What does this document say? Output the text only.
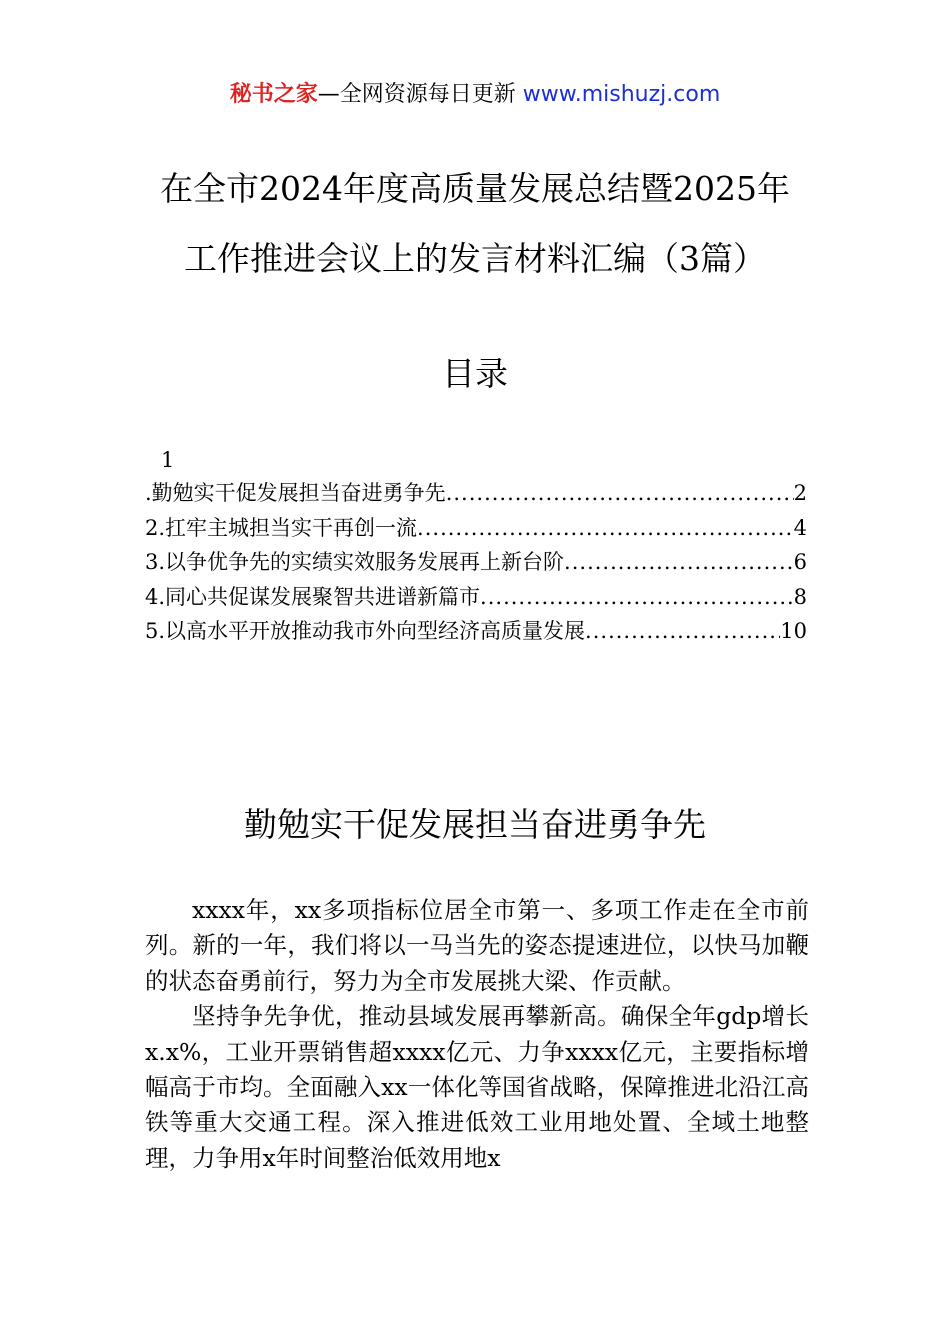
秘书之家—全网资源每日更新 www.mishuzj.com
在全市2024年度高质量发展总结暨2025年
工作推进会议上的发言材料汇编（3篇）
目录
1
.勤勉实干促发展担当奋进勇争先 .....	2
2.扛牢主城担当实干再创一流 .....	4
3.以争优争先的实绩实效服务发展再上新台阶 .....	6
4.同心共促谋发展聚智共进谱新篇市 .....	8
5.以高水平开放推动我市外向型经济高质量发展 .....	10
勤勉实干促发展担当奋进勇争先

xxxx年，xx多项指标位居全市第一、多项工作走在全市前列。新的一年，我们将以一马当先的姿态提速进位，以快马加鞭的状态奋勇前行，努力为全市发展挑大梁、作贡献。

坚持争先争优，推动县域发展再攀新高。确保全年gdp增长x.x%，工业开票销售超xxxx亿元、力争xxxx亿元，主要指标增幅高于市均。全面融入xx一体化等国省战略，保障推进北沿江高铁等重大交通工程。深入推进低效工业用地处置、全域土地整理，力争用x年时间整治低效用地x
